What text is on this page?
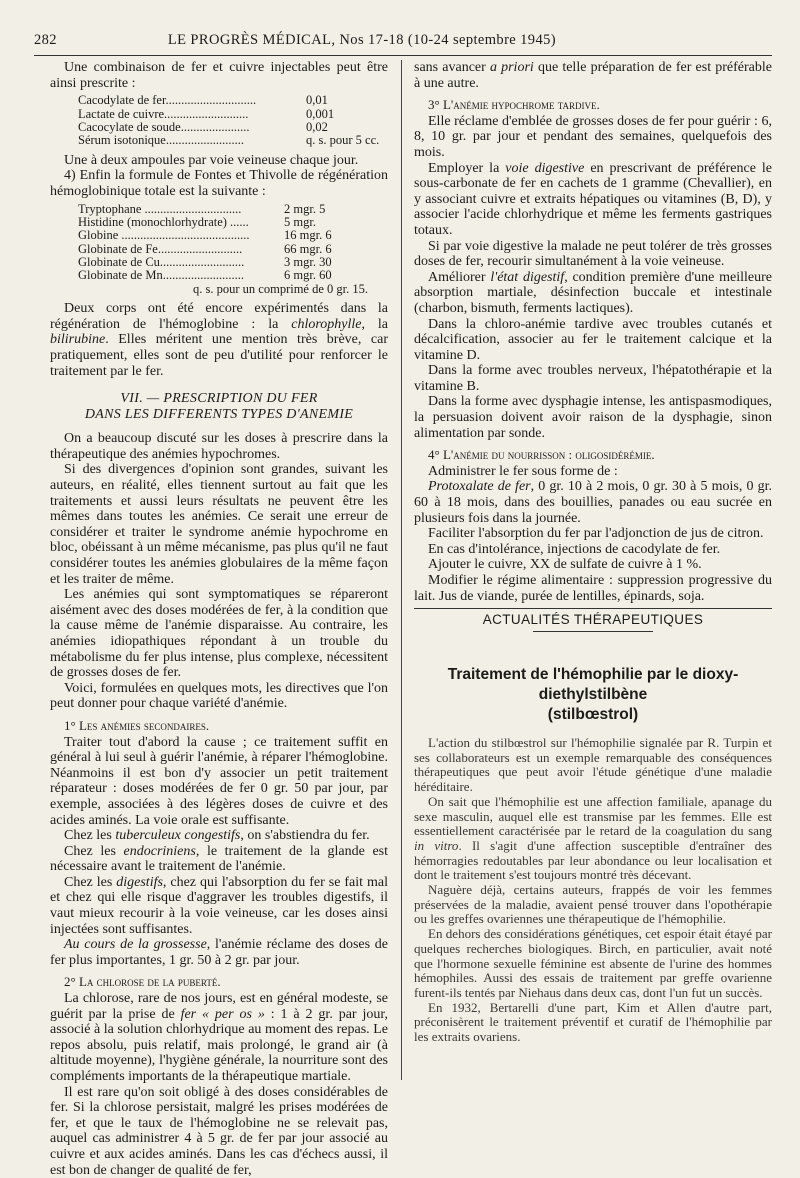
282	LE PROGRÈS MÉDICAL, Nos 17-18 (10-24 septembre 1945)

Une combinaison de fer et cuivre injectables peut être ainsi prescrite :

Cacodylate de fer.............................	0,01
Lactate de cuivre...........................	0,001
Cacocylate de soude......................	0,02
Sérum isotonique.........................	q. s. pour 5 cc.

Une à deux ampoules par voie veineuse chaque jour.

4) Enfin la formule de Fontes et Thivolle de régénération hémoglobinique totale est la suivante :

Tryptophane ...............................	2 mgr. 5
Histidine (monochlorhydrate) ......	5 mgr.
Globine .........................................	16 mgr. 6
Globinate de Fe...........................	66 mgr. 6
Globinate de Cu...........................	3 mgr. 30
Globinate de Mn..........................	6 mgr. 60
q. s. pour un comprimé de 0 gr. 15.

Deux corps ont été encore expérimentés dans la régénération de l'hémoglobine : la chlorophylle, la bilirubine. Elles méritent une mention très brève, car pratiquement, elles sont de peu d'utilité pour renforcer le traitement par le fer.

VII. — PRESCRIPTION DU FER
DANS LES DIFFERENTS TYPES D'ANEMIE

On a beaucoup discuté sur les doses à prescrire dans la thérapeutique des anémies hypochromes.

Si des divergences d'opinion sont grandes, suivant les auteurs, en réalité, elles tiennent surtout au fait que les traitements et aussi leurs résultats ne peuvent être les mêmes dans toutes les anémies. Ce serait une erreur de considérer et traiter le syndrome anémie hypochrome en bloc, obéissant à un même mécanisme, pas plus qu'il ne faut considérer toutes les anémies globulaires de la même façon et les traiter de même.

Les anémies qui sont symptomatiques se répareront aisément avec des doses modérées de fer, à la condition que la cause même de l'anémie disparaisse. Au contraire, les anémies idiopathiques répondant à un trouble du métabolisme du fer plus intense, plus complexe, nécessitent de grosses doses de fer.

Voici, formulées en quelques mots, les directives que l'on peut donner pour chaque variété d'anémie.

1° Les anémies secondaires.

Traiter tout d'abord la cause ; ce traitement suffit en général à lui seul à guérir l'anémie, à réparer l'hémoglobine. Néanmoins il est bon d'y associer un petit traitement réparateur : doses modérées de fer 0 gr. 50 par jour, par exemple, associées à des légères doses de cuivre et des acides aminés. La voie orale est suffisante.

Chez les tuberculeux congestifs, on s'abstiendra du fer.

Chez les endocriniens, le traitement de la glande est nécessaire avant le traitement de l'anémie.

Chez les digestifs, chez qui l'absorption du fer se fait mal et chez qui elle risque d'aggraver les troubles digestifs, il vaut mieux recourir à la voie veineuse, car les doses ainsi injectées sont suffisantes.

Au cours de la grossesse, l'anémie réclame des doses de fer plus importantes, 1 gr. 50 à 2 gr. par jour.

2° La chlorose de la puberté.

La chlorose, rare de nos jours, est en général modeste, se guérit par la prise de fer « per os » : 1 à 2 gr. par jour, associé à la solution chlorhydrique au moment des repas. Le repos absolu, puis relatif, mais prolongé, le grand air (à altitude moyenne), l'hygiène générale, la nourriture sont des compléments importants de la thérapeutique martiale.

Il est rare qu'on soit obligé à des doses considérables de fer. Si la chlorose persistait, malgré les prises modérées de fer, et que le taux de l'hémoglobine ne se relevait pas, auquel cas administrer 4 à 5 gr. de fer par jour associé au cuivre et aux acides aminés. Dans les cas d'échecs aussi, il est bon de changer de qualité de fer,

sans avancer a priori que telle préparation de fer est préférable à une autre.

3° L'anémie hypochrome tardive.

Elle réclame d'emblée de grosses doses de fer pour guérir : 6, 8, 10 gr. par jour et pendant des semaines, quelquefois des mois.

Employer la voie digestive en prescrivant de préférence le sous-carbonate de fer en cachets de 1 gramme (Chevallier), en y associant cuivre et extraits hépatiques ou vitamines (B, D), y associer l'acide chlorhydrique et même les ferments gastriques totaux.

Si par voie digestive la malade ne peut tolérer de très grosses doses de fer, recourir simultanément à la voie veineuse.

Améliorer l'état digestif, condition première d'une meilleure absorption martiale, désinfection buccale et intestinale (charbon, bismuth, ferments lactiques).

Dans la chloro-anémie tardive avec troubles cutanés et décalcification, associer au fer le traitement calcique et la vitamine D.

Dans la forme avec troubles nerveux, l'hépatothérapie et la vitamine B.

Dans la forme avec dysphagie intense, les antispasmodiques, la persuasion doivent avoir raison de la dysphagie, sinon alimentation par sonde.

4° L'anémie du nourrisson : oligosidérémie.

Administrer le fer sous forme de :

Protoxalate de fer, 0 gr. 10 à 2 mois, 0 gr. 30 à 5 mois, 0 gr. 60 à 18 mois, dans des bouillies, panades ou eau sucrée en plusieurs fois dans la journée.

Faciliter l'absorption du fer par l'adjonction de jus de citron.

En cas d'intolérance, injections de cacodylate de fer.

Ajouter le cuivre, XX de sulfate de cuivre à 1 %.

Modifier le régime alimentaire : suppression progressive du lait. Jus de viande, purée de lentilles, épinards, soja.

ACTUALITÉS THÉRAPEUTIQUES
Traitement de l'hémophilie par le dioxy-diethylstilbène
(stilbœstrol)

L'action du stilbœstrol sur l'hémophilie signalée par R. Turpin et ses collaborateurs est un exemple remarquable des conséquences thérapeutiques que peut avoir l'étude génétique d'une maladie héréditaire.

On sait que l'hémophilie est une affection familiale, apanage du sexe masculin, auquel elle est transmise par les femmes. Elle est essentiellement caractérisée par le retard de la coagulation du sang in vitro. Il s'agit d'une affection susceptible d'entraîner des hémorragies redoutables par leur abondance ou leur localisation et dont le traitement s'est toujours montré très décevant.

Naguère déjà, certains auteurs, frappés de voir les femmes préservées de la maladie, avaient pensé trouver dans l'opothérapie ou les greffes ovariennes une thérapeutique de l'hémophilie.

En dehors des considérations génétiques, cet espoir était étayé par quelques recherches biologiques. Birch, en particulier, avait noté que l'hormone sexuelle féminine est absente de l'urine des hommes hémophiles. Aussi des essais de traitement par greffe ovarienne furent-ils tentés par Niehaus dans deux cas, dont l'un fut un succès.

En 1932, Bertarelli d'une part, Kim et Allen d'autre part, préconisèrent le traitement préventif et curatif de l'hémophilie par les extraits ovariens.
